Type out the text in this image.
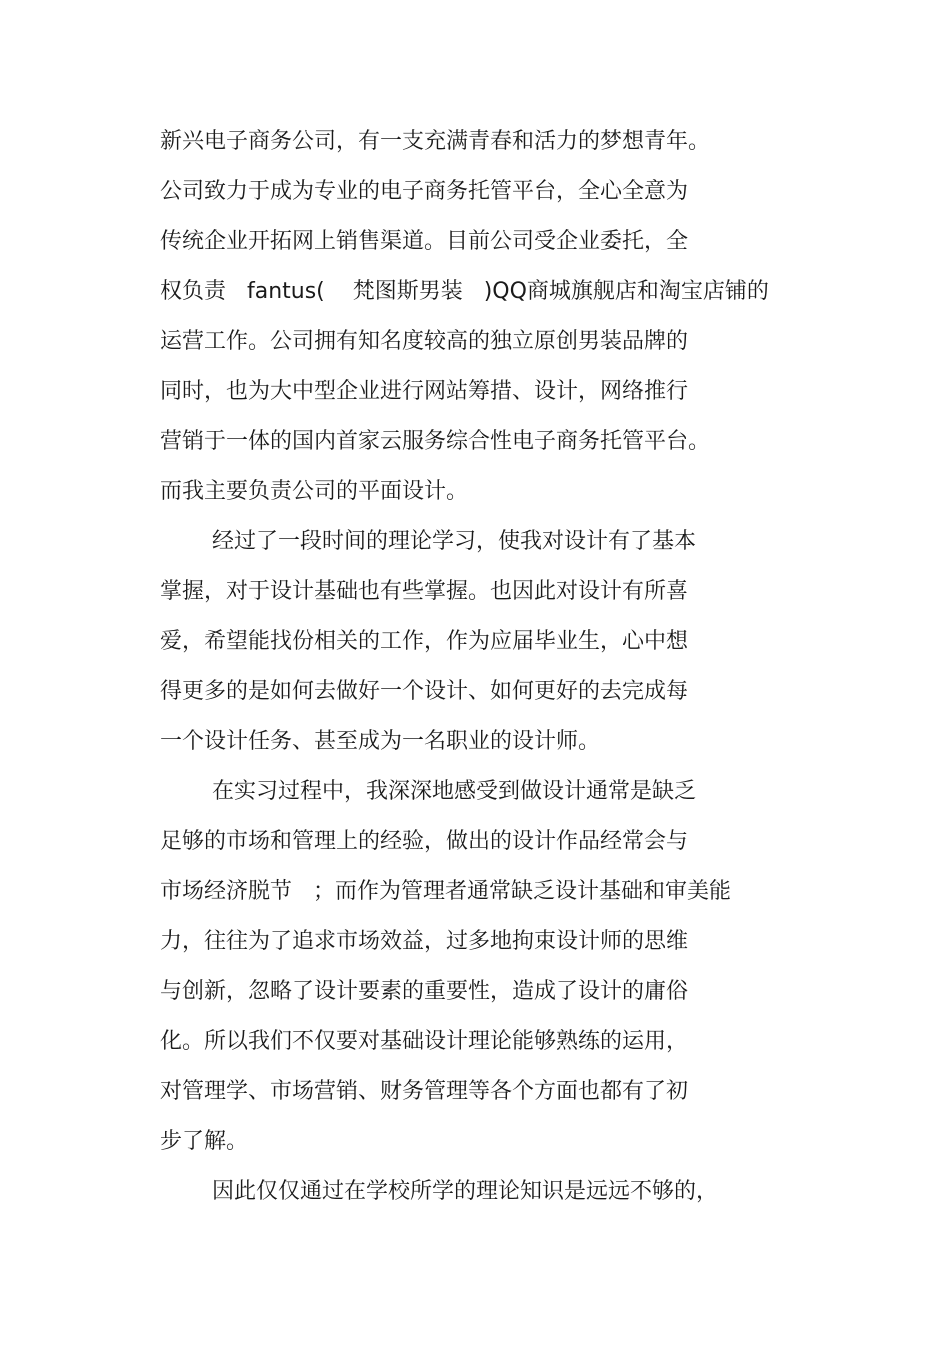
新兴电子商务公司，有一支充满青春和活力的梦想青年。
公司致力于成为专业的电子商务托管平台，全心全意为
传统企业开拓网上销售渠道。目前公司受企业委托，全
权负责   fantus(    梵图斯男装   )QQ商城旗舰店和淘宝店铺的
运营工作。公司拥有知名度较高的独立原创男装品牌的
同时，也为大中型企业进行网站筹措、设计，网络推行
营销于一体的国内首家云服务综合性电子商务托管平台。
而我主要负责公司的平面设计。
经过了一段时间的理论学习，使我对设计有了基本
掌握，对于设计基础也有些掌握。也因此对设计有所喜
爱，希望能找份相关的工作，作为应届毕业生，心中想
得更多的是如何去做好一个设计、如何更好的去完成每
一个设计任务、甚至成为一名职业的设计师。
在实习过程中，我深深地感受到做设计通常是缺乏
足够的市场和管理上的经验，做出的设计作品经常会与
市场经济脱节   ；而作为管理者通常缺乏设计基础和审美能
力，往往为了追求市场效益，过多地拘束设计师的思维
与创新，忽略了设计要素的重要性，造成了设计的庸俗
化。所以我们不仅要对基础设计理论能够熟练的运用，
对管理学、市场营销、财务管理等各个方面也都有了初
步了解。
因此仅仅通过在学校所学的理论知识是远远不够的，
